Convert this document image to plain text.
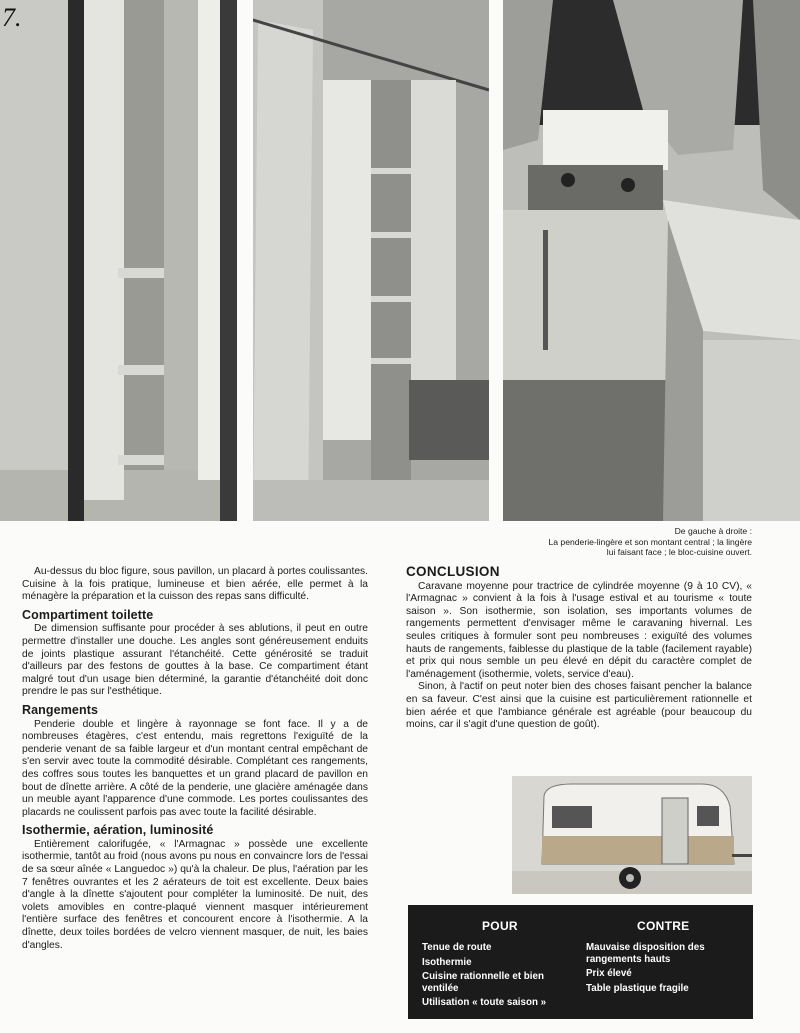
7.
De gauche à droite :
La penderie-lingère et son montant central ; la lingère
lui faisant face ; le bloc-cuisine ouvert.

Au-dessus du bloc figure, sous pavillon, un placard à portes coulissantes. Cuisine à la fois pratique, lumineuse et bien aérée, elle permet à la ménagère la préparation et la cuisson des repas sans difficulté.

Compartiment toilette

De dimension suffisante pour procéder à ses ablutions, il peut en outre permettre d'installer une douche. Les angles sont généreusement enduits de joints plastique assurant l'étanchéité. Cette générosité se traduit d'ailleurs par des festons de gouttes à la base. Ce compartiment étant malgré tout d'un usage bien déterminé, la garantie d'étanchéité doit donc prendre le pas sur l'esthétique.

Rangements

Penderie double et lingère à rayonnage se font face. Il y a de nombreuses étagères, c'est entendu, mais regrettons l'exiguïté de la penderie venant de sa faible largeur et d'un montant central empêchant de s'en servir avec toute la commodité désirable. Complétant ces rangements, des coffres sous toutes les banquettes et un grand placard de pavillon en bout de dînette arrière. A côté de la penderie, une glacière aménagée dans un meuble ayant l'apparence d'une commode. Les portes coulissantes des placards ne coulissent parfois pas avec toute la facilité désirable.

Isothermie, aération, luminosité

Entièrement calorifugée, « l'Armagnac » possède une excellente isothermie, tantôt au froid (nous avons pu nous en convaincre lors de l'essai de sa sœur aînée « Languedoc ») qu'à la chaleur. De plus, l'aération par les 7 fenêtres ouvrantes et les 2 aérateurs de toit est excellente. Deux baies d'angle à la dînette s'ajoutent pour compléter la luminosité. De nuit, des volets amovibles en contre-plaqué viennent masquer intérieurement l'entière surface des fenêtres et concourent encore à l'isothermie. A la dînette, deux toiles bordées de velcro viennent masquer, de nuit, les baies d'angles.

CONCLUSION

Caravane moyenne pour tractrice de cylindrée moyenne (9 à 10 CV), « l'Armagnac » convient à la fois à l'usage estival et au tourisme « toute saison ». Son isothermie, son isolation, ses importants volumes de rangements permettent d'envisager même le caravaning hivernal. Les seules critiques à formuler sont peu nombreuses : exiguïté des volumes hauts de rangements, faiblesse du plastique de la table (facilement rayable) et prix qui nous semble un peu élevé en dépit du caractère complet de l'aménagement (isothermie, volets, service d'eau).

Sinon, à l'actif on peut noter bien des choses faisant pencher la balance en sa faveur. C'est ainsi que la cuisine est particulièrement rationnelle et bien aérée et que l'ambiance générale est agréable (pour beaucoup du moins, car il s'agit d'une question de goût).

POUR	CONTRE
Tenue de route
Isothermie
Cuisine rationnelle et bien ventilée
Utilisation « toute saison »
Mauvaise disposition des rangements hauts
Prix élevé
Table plastique fragile
